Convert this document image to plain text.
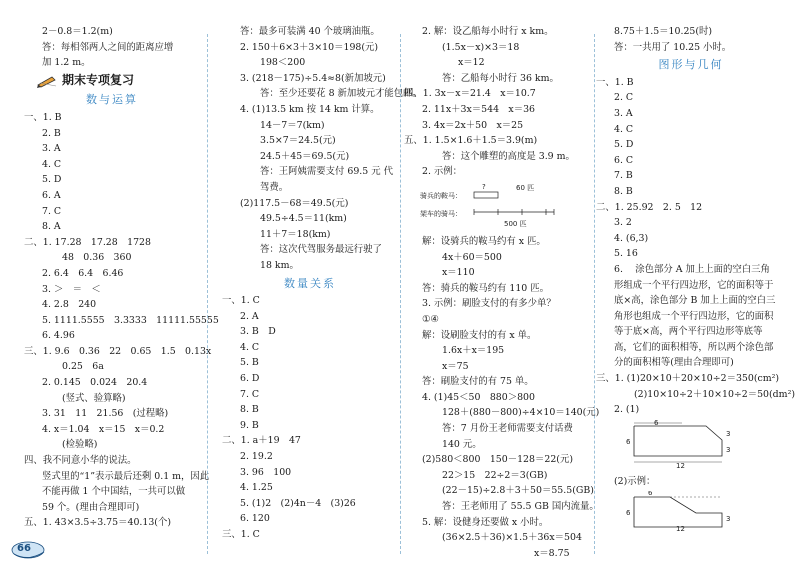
2－0.8＝1.2(m)
答：每相邻两人之间的距离应增
加 1.2 m。
期末专项复习
数与运算
一、1. B
2. B
3. A
4. C
5. D
6. A
7. C
8. A
二、1. 17.28　17.28　1728
48　0.36　360
2. 6.4　6.4　6.46
3. ＞　＝　＜
4. 2.8　240
5. 1111.5555　3.3333　11111.55555
6. 4.96
三、1. 9.6　0.36　22　0.65　1.5　0.13x
0.25　6a
2. 0.145　0.024　20.4
(竖式、验算略)
3. 31　11　21.56　(过程略)
4. x＝1.04　x＝15　x＝0.2
(检验略)
四、我不同意小华的说法。
竖式里的“1”表示最后还剩 0.1 m，因此
不能再做 1 个中国结，一共可以做
59 个。(理由合理即可)
五、1. 43×3.5÷3.75＝40.13(个)
答：最多可装满 40 个玻璃油瓶。
2. 150＋6×3＋3×10＝198(元)
198＜200
3. (218－175)÷5.4≈8(新加坡元)
答：至少还要花 8 新加坡元才能包邮。
4. (1)13.5 km 按 14 km 计算。
14－7＝7(km)
3.5×7＝24.5(元)
24.5＋45＝69.5(元)
答：王阿姨需要支付 69.5 元 代
驾费。
(2)117.5－68＝49.5(元)
49.5÷4.5＝11(km)
11＋7＝18(km)
答：这次代驾服务最远行驶了
18 km。
数量关系
一、1. C
2. A
3. B　D
4. C
5. B
6. D
7. C
8. B
9. B
二、1. a＋19　47
2. 19.2
3. 96　100
4. 1.25
5. (1)2　(2)4n－4　(3)26
6. 120
三、1. C
2. 解：设乙船每小时行 x km。
(1.5x－x)×3＝18
x＝12
答：乙船每小时行 36 km。
四、1. 3x－x＝21.4　x＝10.7
2. 11x＋3x＝544　x＝36
3. 4x＝2x＋50　x＝25
五、1. 1.5×1.6＋1.5＝3.9(m)
答：这个雕塑的高度是 3.9 m。
2. 示例：
骑兵的鞍马：
?	60 匹
架车的骑马：
500 匹
解：设骑兵的鞍马约有 x 匹。
4x＋60＝500
x＝110
答：骑兵的鞍马约有 110 匹。
3. 示例：刷脸支付的有多少单？
①④
解：设刷脸支付的有 x 单。
1.6x＋x＝195
x＝75
答：刷脸支付的有 75 单。
4. (1)45＜50　880＞800
128＋(880－800)÷4×10＝140(元)
答：7 月份王老师需要支付话费
140 元。
(2)580＜800　150－128＝22(元)
22＞15　22÷2＝3(GB)
(22－15)÷2.8＋3＋50＝55.5(GB)
答：王老师用了 55.5 GB 国内流量。
5. 解：设健身还要做 x 小时。
(36×2.5＋36)×1.5＋36x＝504
x＝8.75
8.75＋1.5＝10.25(时)
答：一共用了 10.25 小时。
图形与几何
一、1. B
2. C
3. A
4. C
5. D
6. C
7. B
8. B
二、1. 25.92　2. 5　12
3. 2
4. (6,3)
5. 16
6. 　涂色部分 A 加上上面的空白三角
形组成一个平行四边形，它的面积等于
底×高，涂色部分 B 加上上面的空白三
角形也组成一个平行四边形，它的面积
等于底×高，两个平行四边形等底等
高，它们的面积相等，所以两个涂色部
分的面积相等(理由合理即可)
三、1. (1)20×10＋20×10÷2＝350(cm²)
(2)10×10÷2＋10×10÷2＝50(dm²)
2. (1)
6
6
3
3
12
(2)示例：
6
6
3
12
66
